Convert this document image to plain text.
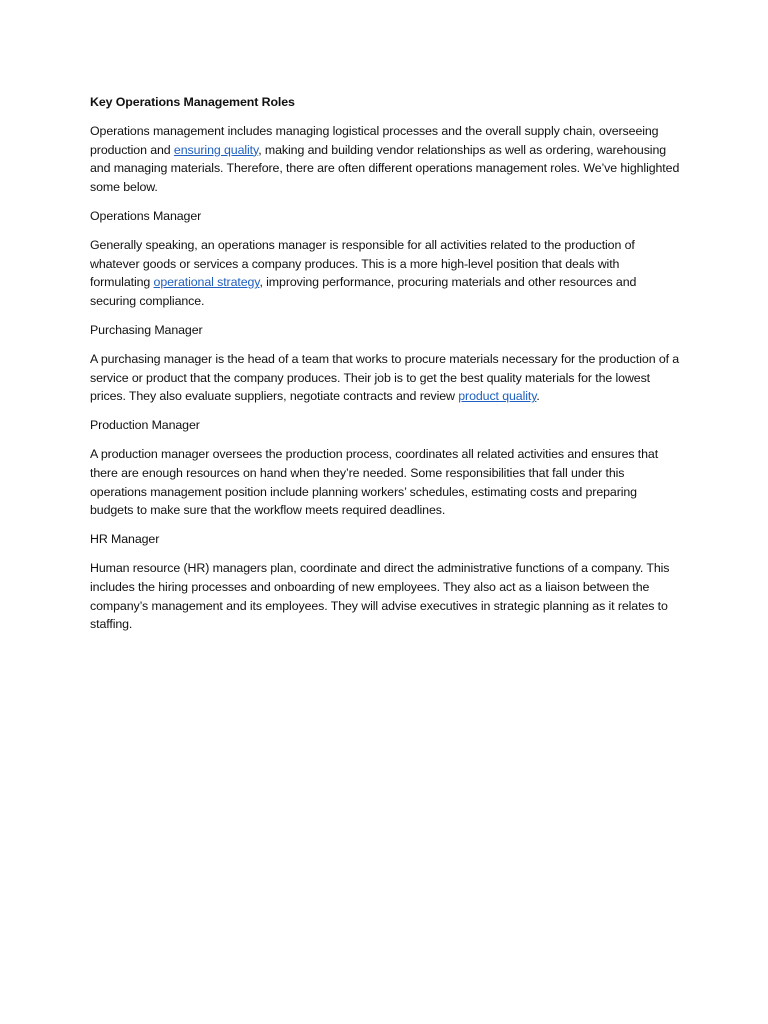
Key Operations Management Roles
Operations management includes managing logistical processes and the overall supply chain, overseeing production and ensuring quality, making and building vendor relationships as well as ordering, warehousing and managing materials. Therefore, there are often different operations management roles. We’ve highlighted some below.
Operations Manager
Generally speaking, an operations manager is responsible for all activities related to the production of whatever goods or services a company produces. This is a more high-level position that deals with formulating operational strategy, improving performance, procuring materials and other resources and securing compliance.
Purchasing Manager
A purchasing manager is the head of a team that works to procure materials necessary for the production of a service or product that the company produces. Their job is to get the best quality materials for the lowest prices. They also evaluate suppliers, negotiate contracts and review product quality.
Production Manager
A production manager oversees the production process, coordinates all related activities and ensures that there are enough resources on hand when they’re needed. Some responsibilities that fall under this operations management position include planning workers’ schedules, estimating costs and preparing budgets to make sure that the workflow meets required deadlines.
HR Manager
Human resource (HR) managers plan, coordinate and direct the administrative functions of a company. This includes the hiring processes and onboarding of new employees. They also act as a liaison between the company’s management and its employees. They will advise executives in strategic planning as it relates to staffing.
